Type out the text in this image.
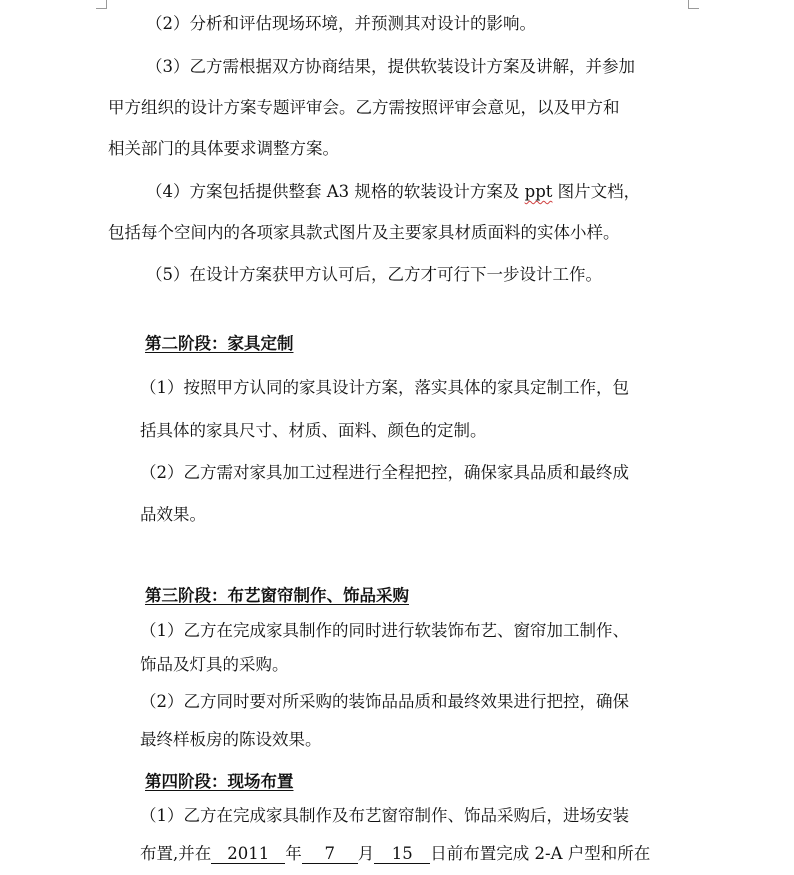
（2）分析和评估现场环境，并预测其对设计的影响。
（3）乙方需根据双方协商结果，提供软装设计方案及讲解，并参加
甲方组织的设计方案专题评审会。乙方需按照评审会意见，以及甲方和
相关部门的具体要求调整方案。
（4）方案包括提供整套 A3 规格的软装设计方案及 ppt 图片文档，
包括每个空间内的各项家具款式图片及主要家具材质面料的实体小样。
（5）在设计方案获甲方认可后，乙方才可行下一步设计工作。
第二阶段：家具定制
（1）按照甲方认同的家具设计方案，落实具体的家具定制工作，包
括具体的家具尺寸、材质、面料、颜色的定制。
（2）乙方需对家具加工过程进行全程把控，确保家具品质和最终成
品效果。
第三阶段：布艺窗帘制作、饰品采购
（1）乙方在完成家具制作的同时进行软装饰布艺、窗帘加工制作、
饰品及灯具的采购。
（2）乙方同时要对所采购的装饰品品质和最终效果进行把控，确保
最终样板房的陈设效果。
第四阶段：现场布置
（1）乙方在完成家具制作及布艺窗帘制作、饰品采购后，进场安装
布置,并在 2011 年 7 月 15 日前布置完成 2-A 户型和所在
